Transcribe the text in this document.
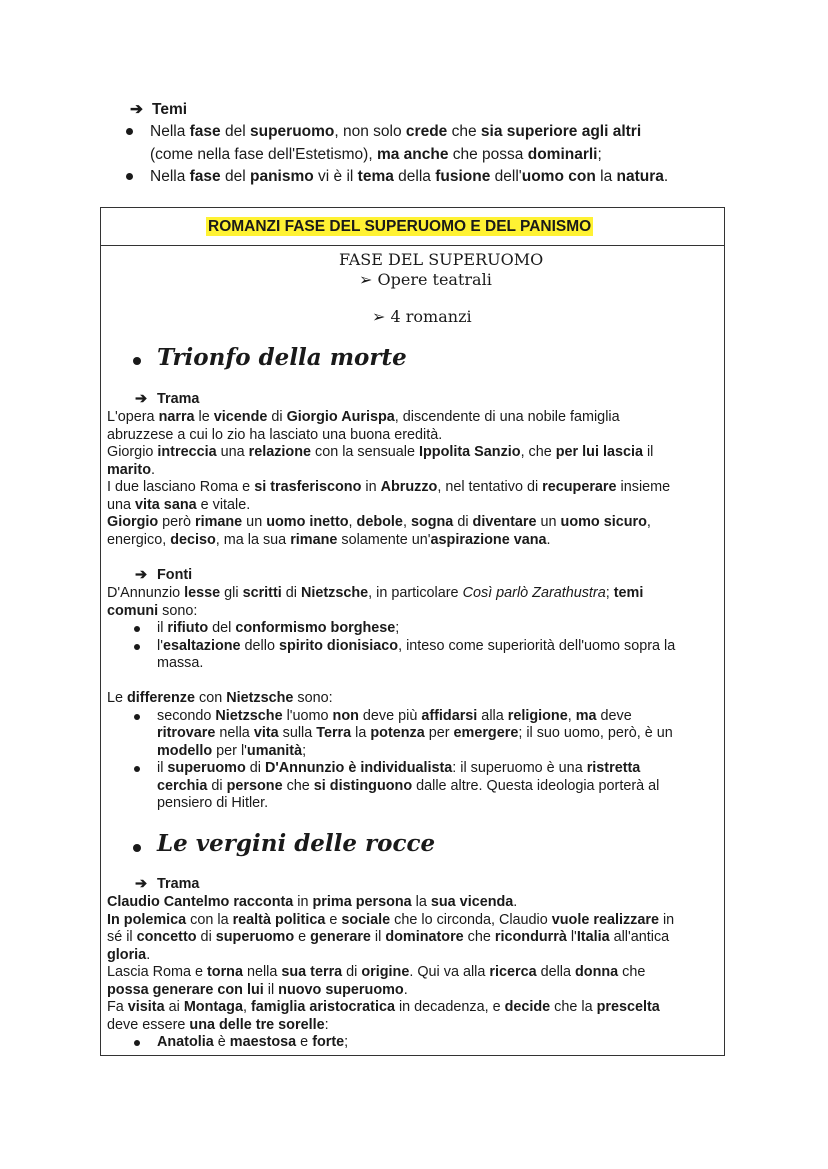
➔ Temi
Nella fase del superuomo, non solo crede che sia superiore agli altri
(come nella fase dell'Estetismo), ma anche che possa dominarli;
Nella fase del panismo vi è il tema della fusione dell'uomo con la natura.
ROMANZI FASE DEL SUPERUOMO E DEL PANISMO
FASE DEL SUPERUOMO
➢ Opere teatrali
➢ 4 romanzi
Trionfo della morte
➔ Trama
➔ Fonti
Le vergini delle rocce
➔ Trama
L'opera narra le vicende di Giorgio Aurispa, discendente di una nobile famiglia
abruzzese a cui lo zio ha lasciato una buona eredità.
Giorgio intreccia una relazione con la sensuale Ippolita Sanzio, che per lui lascia il
marito.
I due lasciano Roma e si trasferiscono in Abruzzo, nel tentativo di recuperare insieme
una vita sana e vitale.
Giorgio però rimane un uomo inetto, debole, sogna di diventare un uomo sicuro,
energico, deciso, ma la sua rimane solamente un'aspirazione vana.
D'Annunzio lesse gli scritti di Nietzsche, in particolare Così parlò Zarathustra; temi
comuni sono:
il rifiuto del conformismo borghese;
l'esaltazione dello spirito dionisiaco, inteso come superiorità dell'uomo sopra la
massa.
Le differenze con Nietzsche sono:
secondo Nietzsche l'uomo non deve più affidarsi alla religione, ma deve
ritrovare nella vita sulla Terra la potenza per emergere; il suo uomo, però, è un
modello per l'umanità;
il superuomo di D'Annunzio è individualista: il superuomo è una ristretta
cerchia di persone che si distinguono dalle altre. Questa ideologia porterà al
pensiero di Hitler.
Claudio Cantelmo racconta in prima persona la sua vicenda.
In polemica con la realtà politica e sociale che lo circonda, Claudio vuole realizzare in
sé il concetto di superuomo e generare il dominatore che ricondurrà l'Italia all'antica
gloria.
Lascia Roma e torna nella sua terra di origine. Qui va alla ricerca della donna che
possa generare con lui il nuovo superuomo.
Fa visita ai Montaga, famiglia aristocratica in decadenza, e decide che la prescelta
deve essere una delle tre sorelle:
Anatolia è maestosa e forte;
